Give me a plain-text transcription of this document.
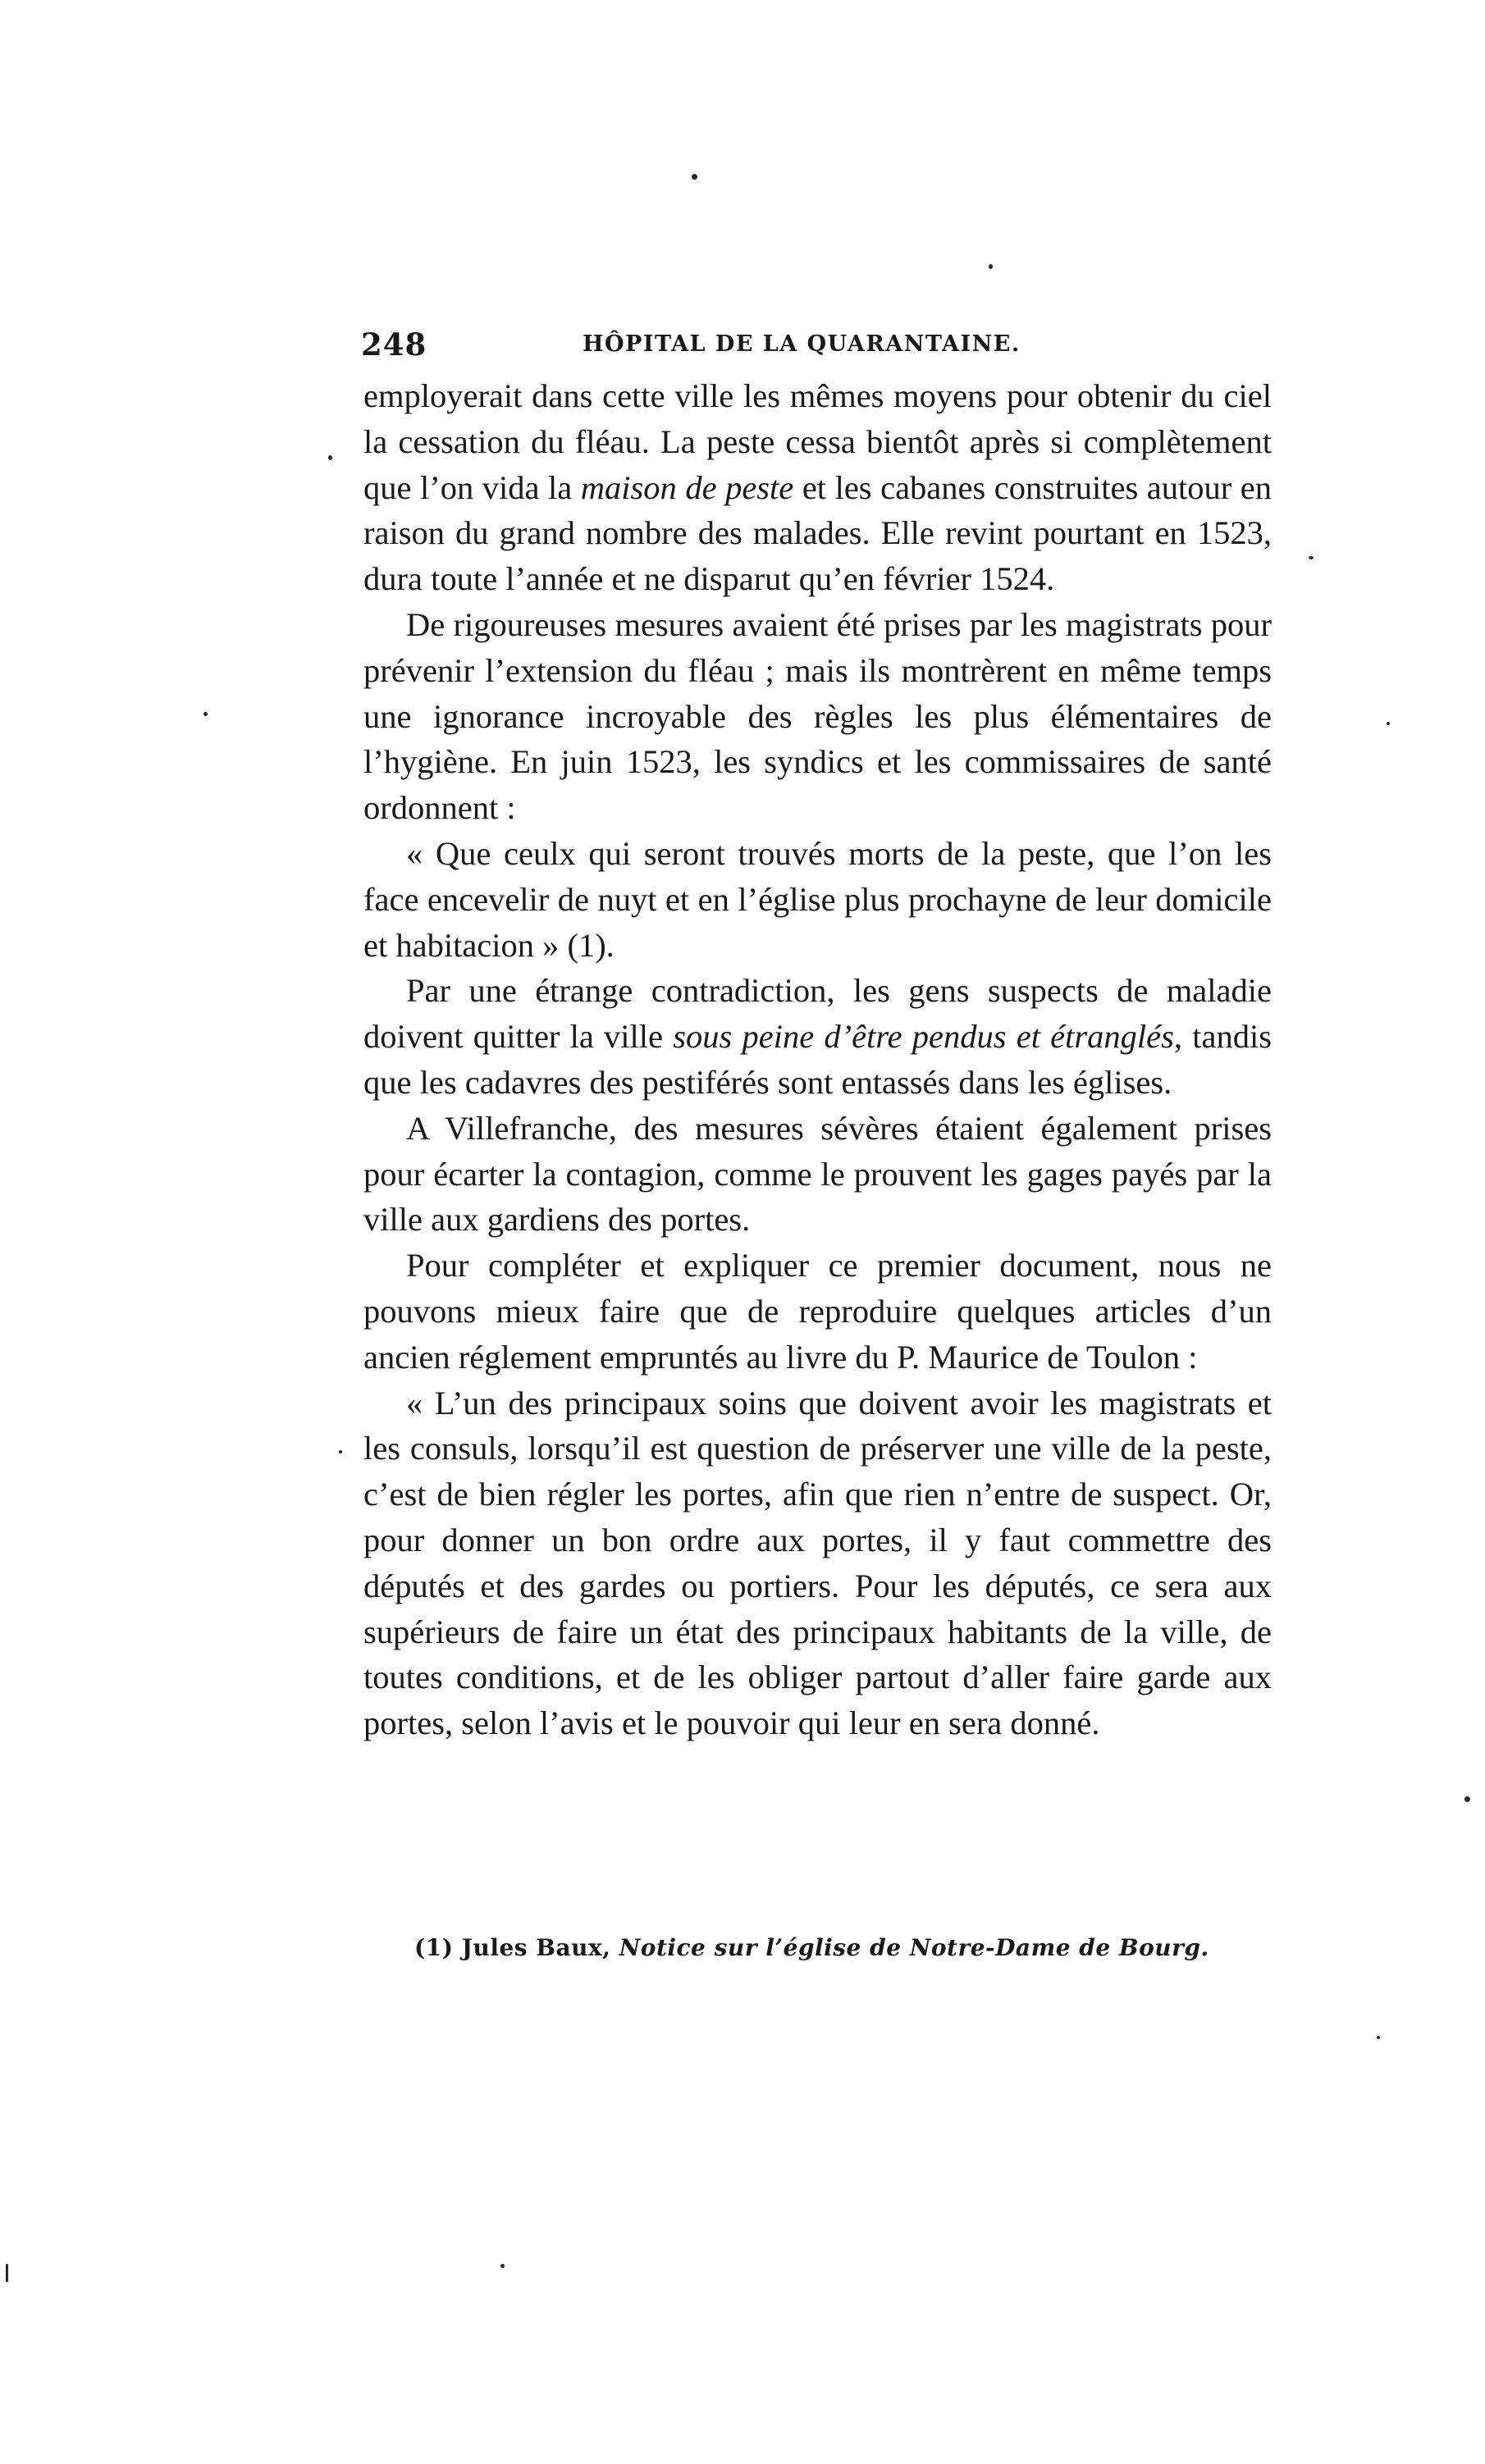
248	HÔPITAL DE LA QUARANTAINE.

employerait dans cette ville les mêmes moyens pour obtenir du ciel la cessation du fléau. La peste cessa bientôt après si complètement que l’on vida la maison de peste et les cabanes construites autour en raison du grand nombre des malades. Elle revint pourtant en 1523, dura toute l’année et ne disparut qu’en février 1524.

De rigoureuses mesures avaient été prises par les magistrats pour prévenir l’extension du fléau ; mais ils montrèrent en même temps une ignorance incroyable des règles les plus élémentaires de l’hygiène. En juin 1523, les syndics et les commissaires de santé ordonnent :

« Que ceulx qui seront trouvés morts de la peste, que l’on les face encevelir de nuyt et en l’église plus prochayne de leur domicile et habitacion » (1).

Par une étrange contradiction, les gens suspects de maladie doivent quitter la ville sous peine d’être pendus et étranglés, tandis que les cadavres des pestiférés sont entassés dans les églises.

A Villefranche, des mesures sévères étaient également prises pour écarter la contagion, comme le prouvent les gages payés par la ville aux gardiens des portes.

Pour compléter et expliquer ce premier document, nous ne pouvons mieux faire que de reproduire quelques articles d’un ancien réglement empruntés au livre du P. Maurice de Toulon :

« L’un des principaux soins que doivent avoir les magistrats et les consuls, lorsqu’il est question de préserver une ville de la peste, c’est de bien régler les portes, afin que rien n’entre de suspect. Or, pour donner un bon ordre aux portes, il y faut commettre des députés et des gardes ou portiers. Pour les députés, ce sera aux supérieurs de faire un état des principaux habitants de la ville, de toutes conditions, et de les obliger partout d’aller faire garde aux portes, selon l’avis et le pouvoir qui leur en sera donné.

(1) Jules Baux, Notice sur l’église de Notre-Dame de Bourg.
